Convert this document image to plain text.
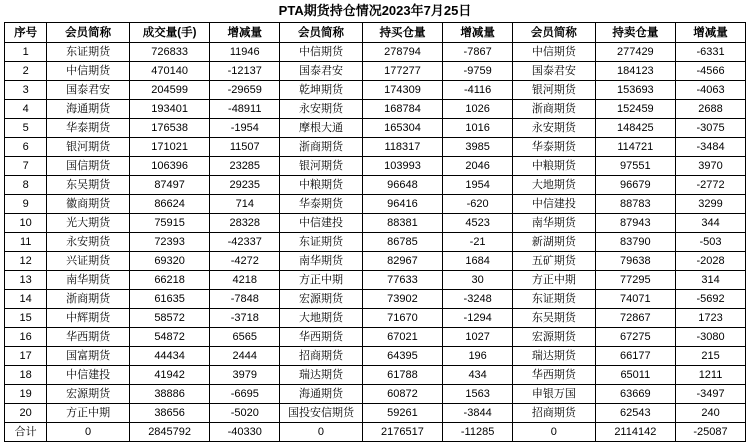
PTA期货持仓情况2023年7月25日
序号	会员简称	成交量(手)	增减量	会员简称	持买仓量	增减量	会员简称	持卖仓量	增减量
1	东证期货	726833	11946	中信期货	278794	-7867	中信期货	277429	-6331
2	中信期货	470140	-12137	国泰君安	177277	-9759	国泰君安	184123	-4566
3	国泰君安	204599	-29659	乾坤期货	174309	-4116	银河期货	153693	-4063
4	海通期货	193401	-48911	永安期货	168784	1026	浙商期货	152459	2688
5	华泰期货	176538	-1954	摩根大通	165304	1016	永安期货	148425	-3075
6	银河期货	171021	11507	浙商期货	118317	3985	华泰期货	114721	-3484
7	国信期货	106396	23285	银河期货	103993	2046	中粮期货	97551	3970
8	东吴期货	87497	29235	中粮期货	96648	1954	大地期货	96679	-2772
9	徽商期货	86624	714	华泰期货	96416	-620	中信建投	88783	3299
10	光大期货	75915	28328	中信建投	88381	4523	南华期货	87943	344
11	永安期货	72393	-42337	东证期货	86785	-21	新湖期货	83790	-503
12	兴证期货	69320	-4272	南华期货	82967	1684	五矿期货	79638	-2028
13	南华期货	66218	4218	方正中期	77633	30	方正中期	77295	314
14	浙商期货	61635	-7848	宏源期货	73902	-3248	东证期货	74071	-5692
15	中辉期货	58572	-3718	大地期货	71670	-1294	东吴期货	72867	1723
16	华西期货	54872	6565	华西期货	67021	1027	宏源期货	67275	-3080
17	国富期货	44434	2444	招商期货	64395	196	瑞达期货	66177	215
18	中信建投	41942	3979	瑞达期货	61788	434	华西期货	65011	1211
19	宏源期货	38886	-6695	海通期货	60872	1563	申银万国	63669	-3497
20	方正中期	38656	-5020	国投安信期货	59261	-3844	招商期货	62543	240
合计	0	2845792	-40330	0	2176517	-11285	0	2114142	-25087
